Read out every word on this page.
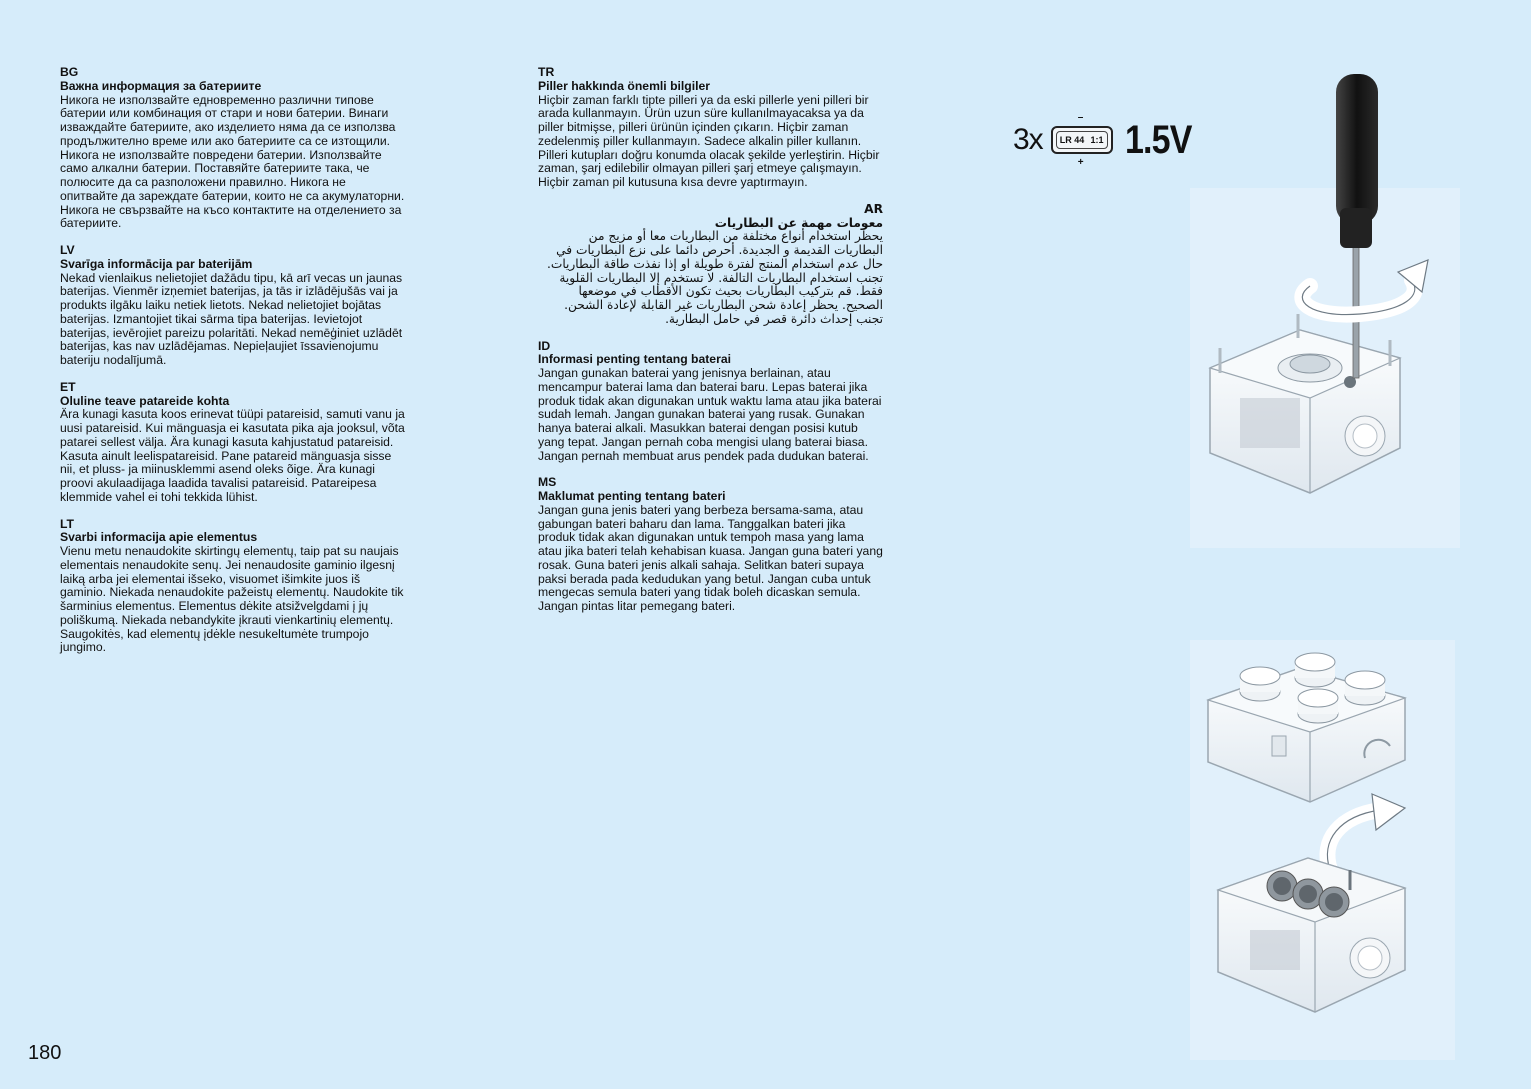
BG
Важна информация за батериите
Никога не използвайте едновременно различни типове батерии или комбинация от стари и нови батерии. Винаги изваждайте батериите, ако изделието няма да се използва продължително време или ако батериите са се изтощили. Никога не използвайте повредени батерии. Използвайте само алкални батерии. Поставяйте батериите така, че полюсите да са разположени правилно. Никога не опитвайте да зареждате батерии, които не са акумулаторни. Никога не свързвайте на късо контактите на отделението за батериите.
LV
Svarīga informācija par baterijām
Nekad vienlaikus nelietojiet dažādu tipu, kā arī vecas un jaunas baterijas. Vienmēr izņemiet baterijas, ja tās ir izlādējušās vai ja produkts ilgāku laiku netiek lietots. Nekad nelietojiet bojātas baterijas. Izmantojiet tikai sārma tipa baterijas. Ievietojot baterijas, ievērojiet pareizu polaritāti. Nekad nemēģiniet uzlādēt baterijas, kas nav uzlādējamas. Nepieļaujiet īssavienojumu bateriju nodalījumā.
ET
Oluline teave patareide kohta
Ära kunagi kasuta koos erinevat tüüpi patareisid, samuti vanu ja uusi patareisid. Kui mänguasja ei kasutata pika aja jooksul, võta patarei sellest välja. Ära kunagi kasuta kahjustatud patareisid. Kasuta ainult leelispatareisid. Pane patareid mänguasja sisse nii, et pluss- ja miinusklemmi asend oleks õige. Ära kunagi proovi akulaadijaga laadida tavalisi patareisid. Patareipesa klemmide vahel ei tohi tekkida lühist.
LT
Svarbi informacija apie elementus
Vienu metu nenaudokite skirtingų elementų, taip pat su naujais elementais nenaudokite senų. Jei nenaudosite gaminio ilgesnį laiką arba jei elementai išseko, visuomet išimkite juos iš gaminio. Niekada nenaudokite pažeistų elementų. Naudokite tik šarminius elementus. Elementus dėkite atsižvelgdami į jų poliškumą. Niekada nebandykite įkrauti vienkartinių elementų. Saugokitės, kad elementų įdėkle nesukeltumėte trumpojo jungimo.
TR
Piller hakkında önemli bilgiler
Hiçbir zaman farklı tipte pilleri ya da eski pillerle yeni pilleri bir arada kullanmayın. Ürün uzun süre kullanılmayacaksa ya da piller bitmişse, pilleri ürünün içinden çıkarın. Hiçbir zaman zedelenmiş piller kullanmayın. Sadece alkalin piller kullanın. Pilleri kutupları doğru konumda olacak şekilde yerleştirin. Hiçbir zaman, şarj edilebilir olmayan pilleri şarj etmeye çalışmayın. Hiçbir zaman pil kutusuna kısa devre yaptırmayın.
AR
معومات مهمة عن البطاريات
يحظر استخدام أنواع مختلفة من البطاريات معا أو مزيج من البطاريات القديمة و الجديدة. أحرص دائما على نزع البطاريات في حال عدم استخدام المنتج لفترة طويلة او إذا نفذت طاقة البطاريات. تجنب استخدام البطاريات التالفة. لا تستخدم إلا البطاريات القلوية فقط. قم بتركيب البطاريات بحيث تكون الأقطاب في موضعها الصحيح. يحظر إعادة شحن البطاريات غير القابلة لإعادة الشحن. تجنب إحداث دائرة قصر في حامل البطارية.
ID
Informasi penting tentang baterai
Jangan gunakan baterai yang jenisnya berlainan, atau mencampur baterai lama dan baterai baru. Lepas baterai jika produk tidak akan digunakan untuk waktu lama atau jika baterai sudah lemah. Jangan gunakan baterai yang rusak. Gunakan hanya baterai alkali. Masukkan baterai dengan posisi kutub yang tepat. Jangan pernah coba mengisi ulang baterai biasa. Jangan pernah membuat arus pendek pada dudukan baterai.
MS
Maklumat penting tentang bateri
Jangan guna jenis bateri yang berbeza bersama-sama, atau gabungan bateri baharu dan lama. Tanggalkan bateri jika produk tidak akan digunakan untuk tempoh masa yang lama atau jika bateri telah kehabisan kuasa. Jangan guna bateri yang rosak. Guna bateri jenis alkali sahaja. Selitkan bateri supaya paksi berada pada kedudukan yang betul. Jangan cuba untuk mengecas semula bateri yang tidak boleh dicaskan semula. Jangan pintas litar pemegang bateri.
3x
–
LR 44 1:1
+
1.5V
180
